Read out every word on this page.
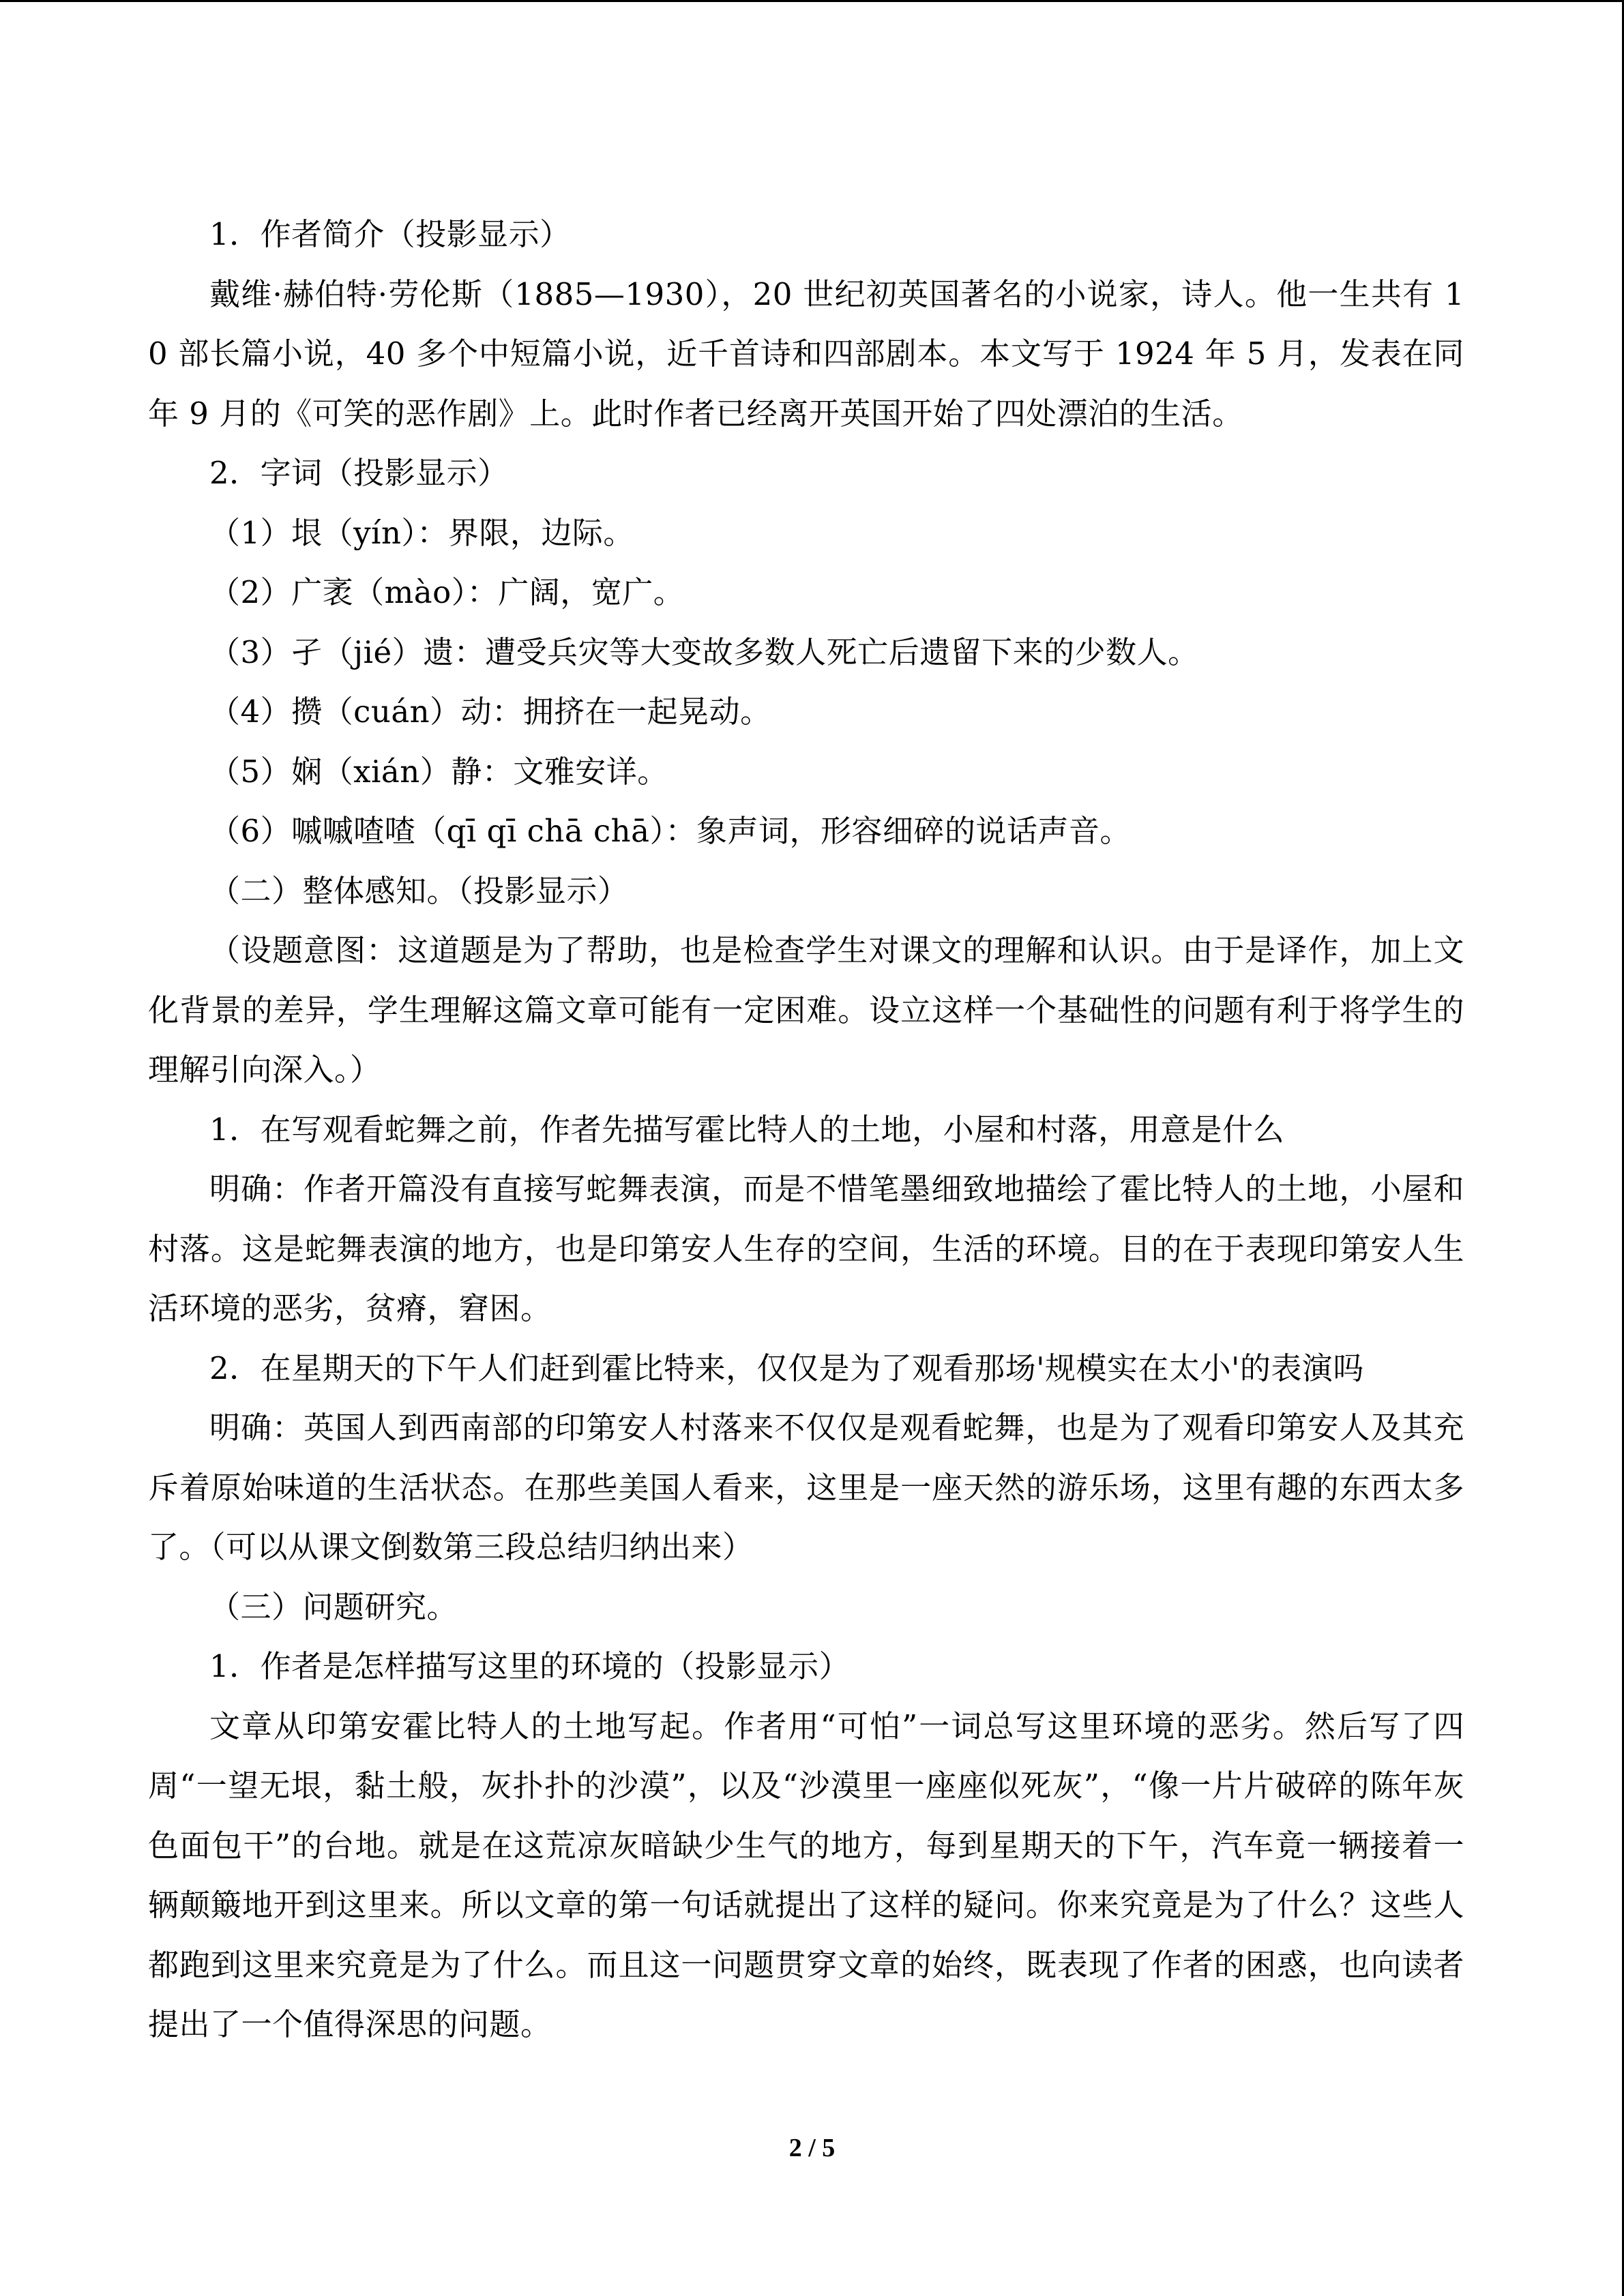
1．作者简介（投影显示）

戴维·赫伯特·劳伦斯（1885—1930），20 世纪初英国著名的小说家，诗人。他一生共有 10 部长篇小说，40 多个中短篇小说，近千首诗和四部剧本。本文写于 1924 年 5 月，发表在同年 9 月的《可笑的恶作剧》上。此时作者已经离开英国开始了四处漂泊的生活。

2．字词（投影显示）

（1）垠（yín）：界限，边际。

（2）广袤（mào）：广阔，宽广。

（3）孑（jié）遗：遭受兵灾等大变故多数人死亡后遗留下来的少数人。

（4）攒（cuán）动：拥挤在一起晃动。

（5）娴（xián）静：文雅安详。

（6）嘁嘁喳喳（qī qī chā chā）：象声词，形容细碎的说话声音。

（二）整体感知。（投影显示）

（设题意图：这道题是为了帮助，也是检查学生对课文的理解和认识。由于是译作，加上文化背景的差异，学生理解这篇文章可能有一定困难。设立这样一个基础性的问题有利于将学生的理解引向深入。）

1．在写观看蛇舞之前，作者先描写霍比特人的土地，小屋和村落，用意是什么

明确：作者开篇没有直接写蛇舞表演，而是不惜笔墨细致地描绘了霍比特人的土地，小屋和村落。这是蛇舞表演的地方，也是印第安人生存的空间，生活的环境。目的在于表现印第安人生活环境的恶劣，贫瘠，窘困。

2．在星期天的下午人们赶到霍比特来，仅仅是为了观看那场'规模实在太小'的表演吗

明确：英国人到西南部的印第安人村落来不仅仅是观看蛇舞，也是为了观看印第安人及其充斥着原始味道的生活状态。在那些美国人看来，这里是一座天然的游乐场，这里有趣的东西太多了。（可以从课文倒数第三段总结归纳出来）

（三）问题研究。

1．作者是怎样描写这里的环境的（投影显示）

文章从印第安霍比特人的土地写起。作者用“可怕”一词总写这里环境的恶劣。然后写了四周“一望无垠，黏土般，灰扑扑的沙漠”，以及“沙漠里一座座似死灰”，“像一片片破碎的陈年灰色面包干”的台地。就是在这荒凉灰暗缺少生气的地方，每到星期天的下午，汽车竟一辆接着一辆颠簸地开到这里来。所以文章的第一句话就提出了这样的疑问。你来究竟是为了什么？这些人都跑到这里来究竟是为了什么。而且这一问题贯穿文章的始终，既表现了作者的困惑，也向读者提出了一个值得深思的问题。

2 / 5
